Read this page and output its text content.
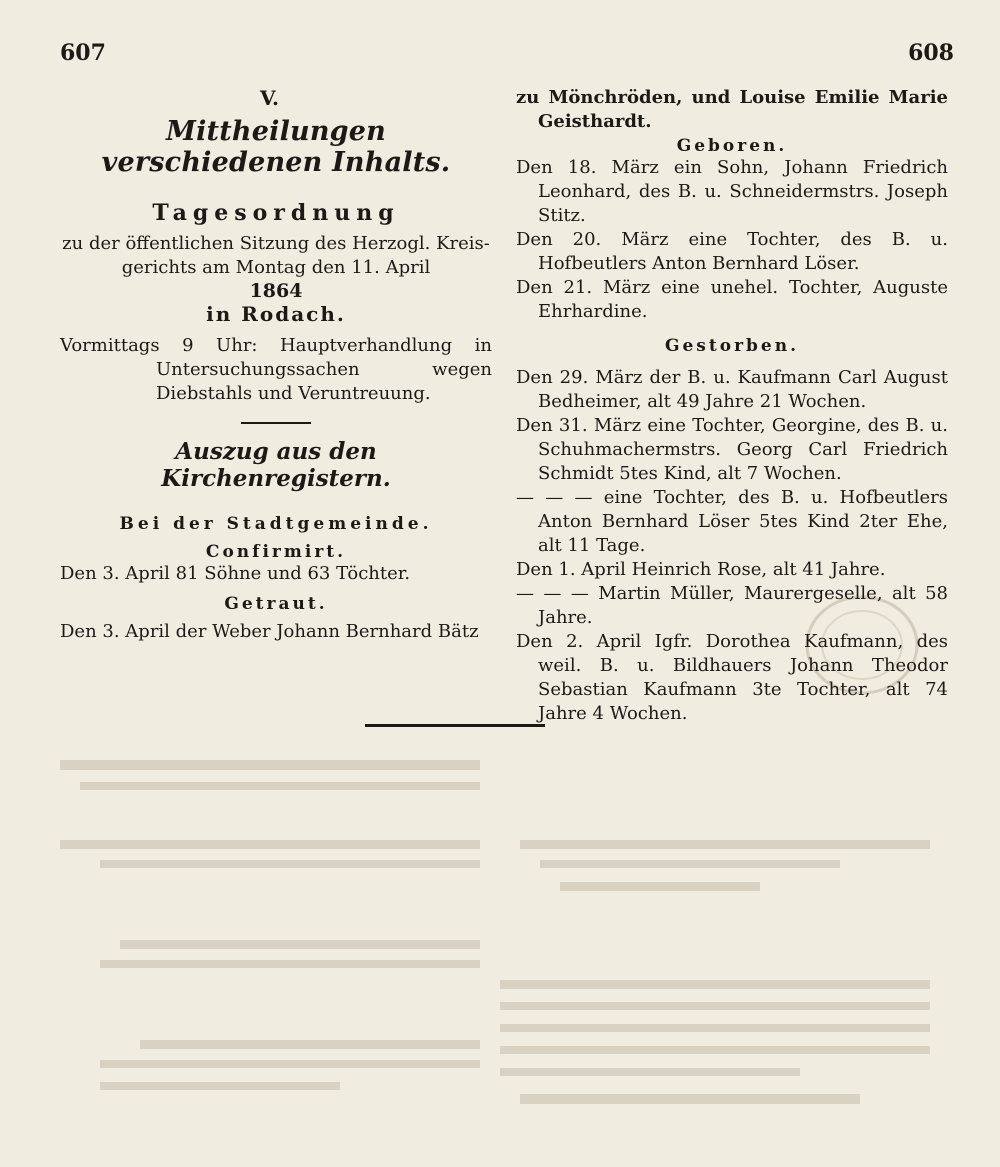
607	608
V.
Mittheilungen verschiedenen Inhalts.
Tagesordnung
zu der öffentlichen Sitzung des Herzogl. Kreis-
gerichts am Montag den 11. April
1864
in Rodach.
Vormittags 9 Uhr: Hauptverhandlung in Untersuchungssachen wegen Diebstahls und Veruntreuung.
Auszug aus den Kirchenregistern.
Bei der Stadtgemeinde.
Confirmirt.
Den 3. April 81 Söhne und 63 Töchter.
Getraut.
Den 3. April der Weber Johann Bernhard Bätz
zu Mönchröden, und Louise Emilie Marie Geisthardt.
Geboren.
Den 18. März ein Sohn, Johann Friedrich Leonhard, des B. u. Schneidermstrs. Joseph Stitz.
Den 20. März eine Tochter, des B. u. Hofbeutlers Anton Bernhard Löser.
Den 21. März eine unehel. Tochter, Auguste Ehrhardine.
Gestorben.
Den 29. März der B. u. Kaufmann Carl August Bedheimer, alt 49 Jahre 21 Wochen.
Den 31. März eine Tochter, Georgine, des B. u. Schuhmachermstrs. Georg Carl Friedrich Schmidt 5tes Kind, alt 7 Wochen.
— — — eine Tochter, des B. u. Hofbeutlers Anton Bernhard Löser 5tes Kind 2ter Ehe, alt 11 Tage.
Den 1. April Heinrich Rose, alt 41 Jahre.
— — — Martin Müller, Maurergeselle, alt 58 Jahre.
Den 2. April Igfr. Dorothea Kaufmann, des weil. B. u. Bildhauers Johann Theodor Sebastian Kaufmann 3te Tochter, alt 74 Jahre 4 Wochen.
